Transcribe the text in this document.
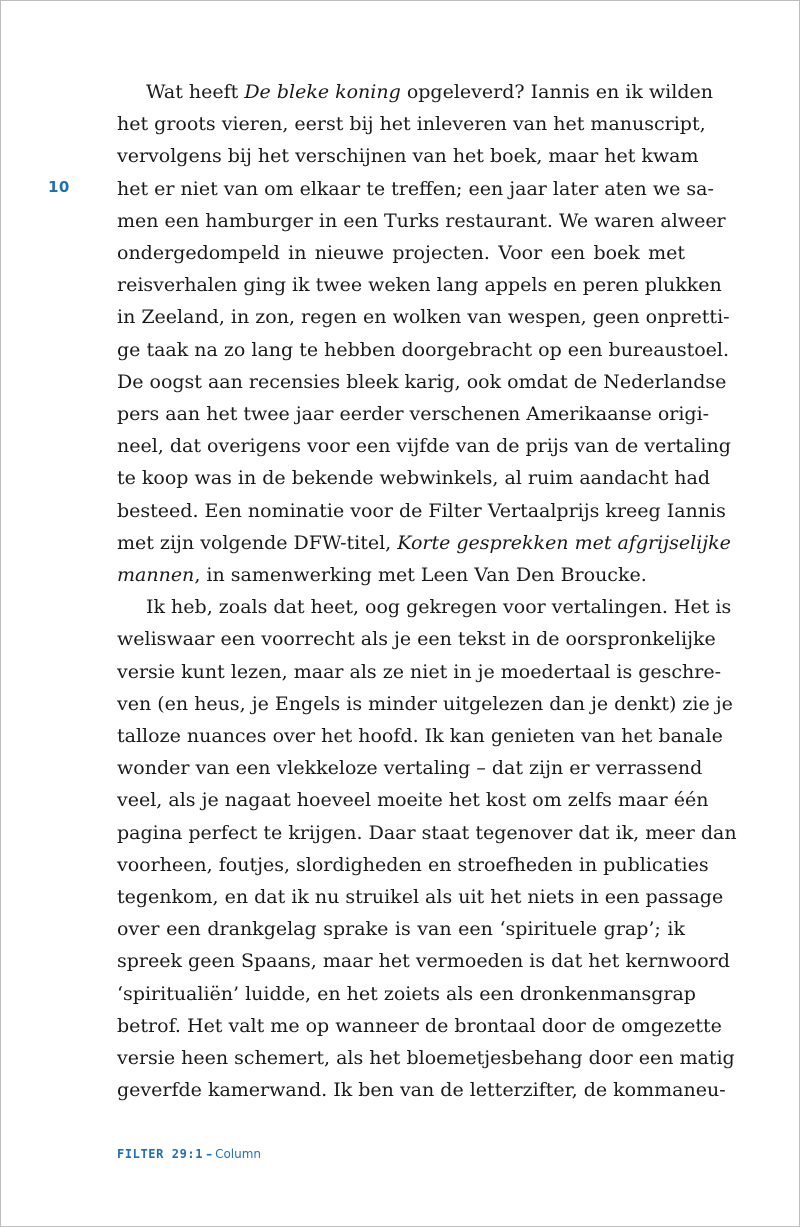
10
Wat heeft De bleke koning opgeleverd? Iannis en ik wilden
het groots vieren, eerst bij het inleveren van het manuscript,
vervolgens bij het verschijnen van het boek, maar het kwam
het er niet van om elkaar te treffen; een jaar later aten we sa-
men een hamburger in een Turks restaurant. We waren alweer
ondergedompeld in nieuwe projecten. Voor een boek met
reisverhalen ging ik twee weken lang appels en peren plukken
in Zeeland, in zon, regen en wolken van wespen, geen onpretti-
ge taak na zo lang te hebben doorgebracht op een bureaustoel.
De oogst aan recensies bleek karig, ook omdat de Nederlandse
pers aan het twee jaar eerder verschenen Amerikaanse origi-
neel, dat overigens voor een vijfde van de prijs van de vertaling
te koop was in de bekende webwinkels, al ruim aandacht had
besteed. Een nominatie voor de Filter Vertaalprijs kreeg Iannis
met zijn volgende DFW-titel, Korte gesprekken met afgrijselijke
mannen, in samenwerking met Leen Van Den Broucke.
Ik heb, zoals dat heet, oog gekregen voor vertalingen. Het is
weliswaar een voorrecht als je een tekst in de oorspronkelijke
versie kunt lezen, maar als ze niet in je moedertaal is geschre-
ven (en heus, je Engels is minder uitgelezen dan je denkt) zie je
talloze nuances over het hoofd. Ik kan genieten van het banale
wonder van een vlekkeloze vertaling – dat zijn er verrassend
veel, als je nagaat hoeveel moeite het kost om zelfs maar één
pagina perfect te krijgen. Daar staat tegenover dat ik, meer dan
voorheen, foutjes, slordigheden en stroefheden in publicaties
tegenkom, en dat ik nu struikel als uit het niets in een passage
over een drankgelag sprake is van een ‘spirituele grap’; ik
spreek geen Spaans, maar het vermoeden is dat het kernwoord
‘spiritualiën’ luidde, en het zoiets als een dronkenmansgrap
betrof. Het valt me op wanneer de brontaal door de omgezette
versie heen schemert, als het bloemetjesbehang door een matig
geverfde kamerwand. Ik ben van de letterzifter, de kommaneu-
FILTER 29:1 – Column
